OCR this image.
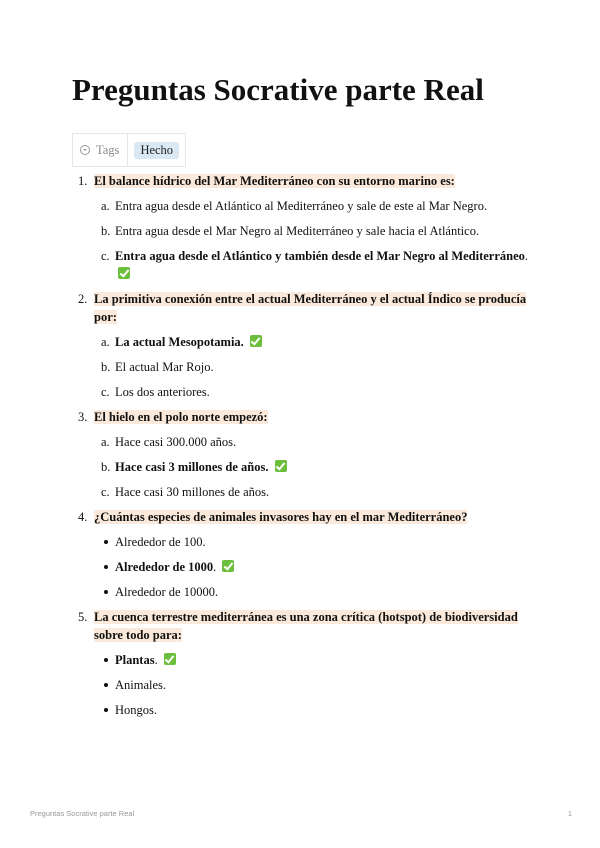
Preguntas Socrative parte Real
Tags	Hecho
1. El balance hídrico del Mar Mediterráneo con su entorno marino es:
a. Entra agua desde el Atlántico al Mediterráneo y sale de este al Mar Negro.
b. Entra agua desde el Mar Negro al Mediterráneo y sale hacia el Atlántico.
c. Entra agua desde el Atlántico y también desde el Mar Negro al Mediterráneo.
2. La primitiva conexión entre el actual Mediterráneo y el actual Índico se producía por:
a. La actual Mesopotamia.
b. El actual Mar Rojo.
c. Los dos anteriores.
3. El hielo en el polo norte empezó:
a. Hace casi 300.000 años.
b. Hace casi 3 millones de años.
c. Hace casi 30 millones de años.
4. ¿Cuántas especies de animales invasores hay en el mar Mediterráneo?
Alrededor de 100.
Alrededor de 1000.
Alrededor de 10000.
5. La cuenca terrestre mediterránea es una zona crítica (hotspot) de biodiversidad sobre todo para:
Plantas.
Animales.
Hongos.
Preguntas Socrative parte Real	1
